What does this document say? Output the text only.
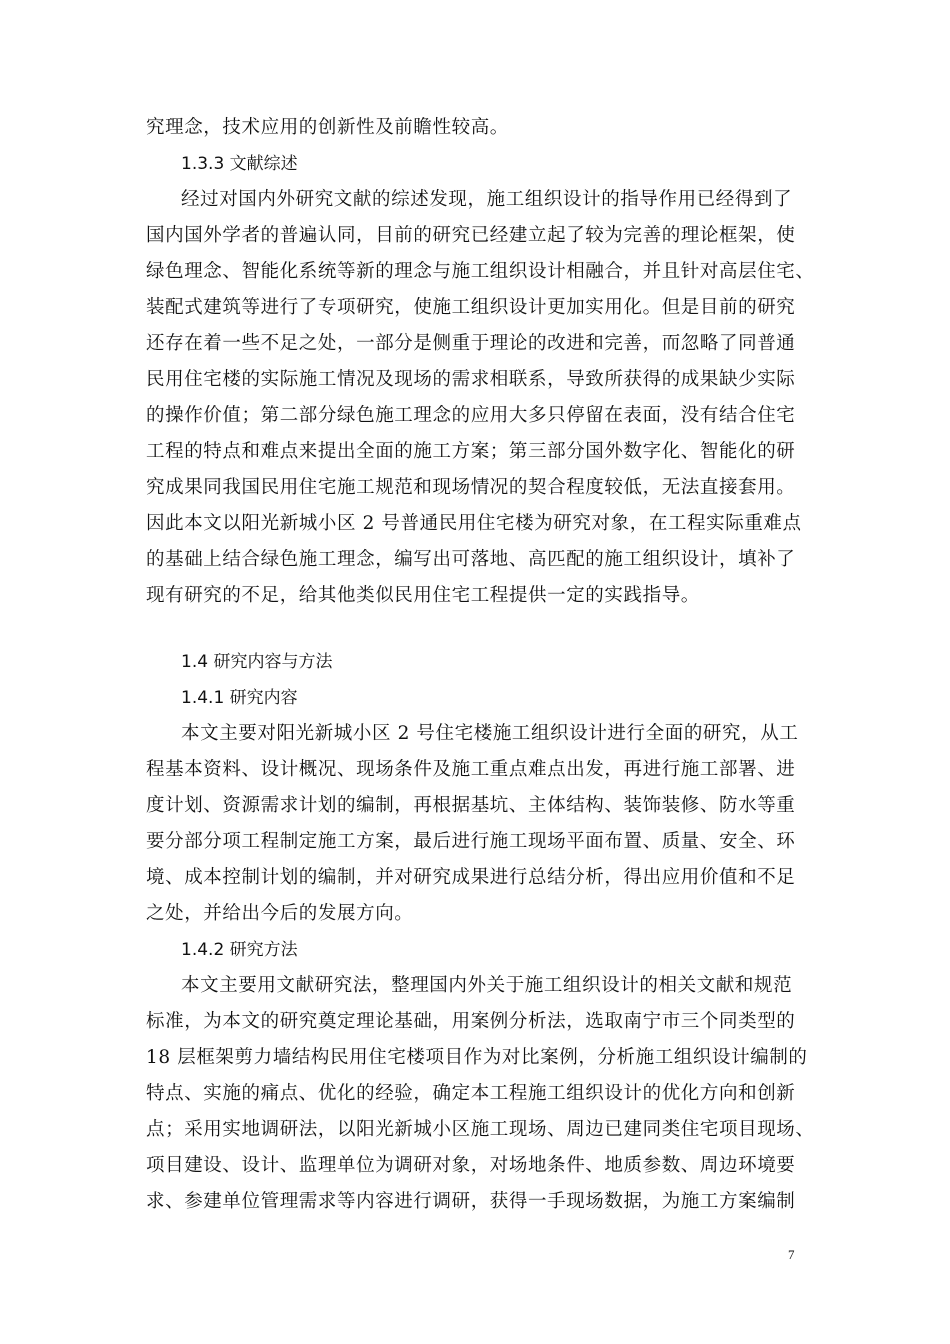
究理念，技术应用的创新性及前瞻性较高。
1.3.3 文献综述
经过对国内外研究文献的综述发现，施工组织设计的指导作用已经得到了
国内国外学者的普遍认同，目前的研究已经建立起了较为完善的理论框架，使
绿色理念、智能化系统等新的理念与施工组织设计相融合，并且针对高层住宅、
装配式建筑等进行了专项研究，使施工组织设计更加实用化。但是目前的研究
还存在着一些不足之处，一部分是侧重于理论的改进和完善，而忽略了同普通
民用住宅楼的实际施工情况及现场的需求相联系，导致所获得的成果缺少实际
的操作价值；第二部分绿色施工理念的应用大多只停留在表面，没有结合住宅
工程的特点和难点来提出全面的施工方案；第三部分国外数字化、智能化的研
究成果同我国民用住宅施工规范和现场情况的契合程度较低，无法直接套用。
因此本文以阳光新城小区 2 号普通民用住宅楼为研究对象，在工程实际重难点
的基础上结合绿色施工理念，编写出可落地、高匹配的施工组织设计，填补了
现有研究的不足，给其他类似民用住宅工程提供一定的实践指导。
1.4 研究内容与方法
1.4.1 研究内容
本文主要对阳光新城小区 2 号住宅楼施工组织设计进行全面的研究，从工
程基本资料、设计概况、现场条件及施工重点难点出发，再进行施工部署、进
度计划、资源需求计划的编制，再根据基坑、主体结构、装饰装修、防水等重
要分部分项工程制定施工方案，最后进行施工现场平面布置、质量、安全、环
境、成本控制计划的编制，并对研究成果进行总结分析，得出应用价值和不足
之处，并给出今后的发展方向。
1.4.2 研究方法
本文主要用文献研究法，整理国内外关于施工组织设计的相关文献和规范
标准，为本文的研究奠定理论基础，用案例分析法，选取南宁市三个同类型的
18 层框架剪力墙结构民用住宅楼项目作为对比案例，分析施工组织设计编制的
特点、实施的痛点、优化的经验，确定本工程施工组织设计的优化方向和创新
点；采用实地调研法，以阳光新城小区施工现场、周边已建同类住宅项目现场、
项目建设、设计、监理单位为调研对象，对场地条件、地质参数、周边环境要
求、参建单位管理需求等内容进行调研，获得一手现场数据，为施工方案编制
7
